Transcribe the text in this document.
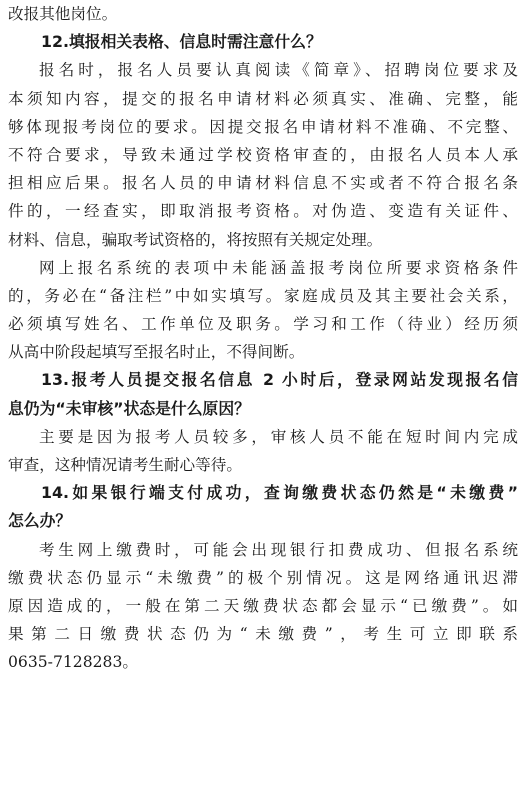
改报其他岗位。
12.填报相关表格、信息时需注意什么？
报名时，报名人员要认真阅读《简章》、招聘岗位要求及
本须知内容，提交的报名申请材料必须真实、准确、完整，能
够体现报考岗位的要求。因提交报名申请材料不准确、不完整、
不符合要求，导致未通过学校资格审查的，由报名人员本人承
担相应后果。报名人员的申请材料信息不实或者不符合报名条
件的，一经查实，即取消报考资格。对伪造、变造有关证件、
材料、信息，骗取考试资格的，将按照有关规定处理。
网上报名系统的表项中未能涵盖报考岗位所要求资格条件
的，务必在“备注栏”中如实填写。家庭成员及其主要社会关系，
必须填写姓名、工作单位及职务。学习和工作（待业）经历须
从高中阶段起填写至报名时止，不得间断。
13.报考人员提交报名信息 2 小时后，登录网站发现报名信
息仍为“未审核”状态是什么原因？
主要是因为报考人员较多，审核人员不能在短时间内完成
审查，这种情况请考生耐心等待。
14.如果银行端支付成功，查询缴费状态仍然是“未缴费”
怎么办？
考生网上缴费时，可能会出现银行扣费成功、但报名系统
缴费状态仍显示“未缴费”的极个别情况。这是网络通讯迟滞
原因造成的，一般在第二天缴费状态都会显示“已缴费”。如
果第二日缴费状态仍为“未缴费”，考生可立即联系
0635-7128283。
